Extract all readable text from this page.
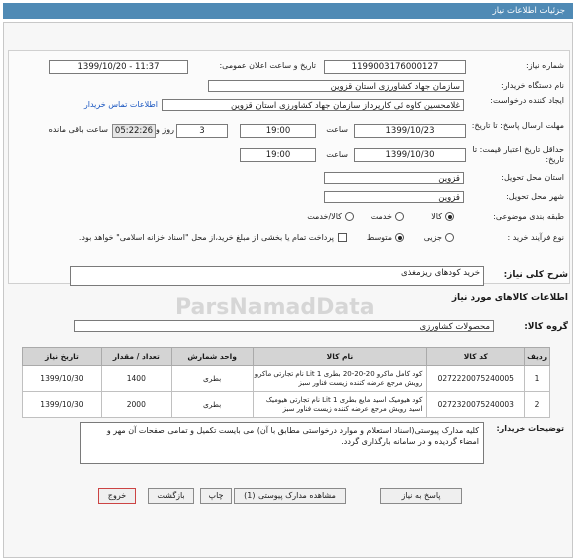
جزئیات اطلاعات نیاز
ParsNamadData
شماره نیاز:
1199003176000127
تاریخ و ساعت اعلان عمومی:
1399/10/20 - 11:37
نام دستگاه خریدار:
سازمان جهاد کشاورزی استان قزوین
ایجاد کننده درخواست:
غلامحسین کاوه ئی کارپرداز سازمان جهاد کشاورزی استان قزوین
اطلاعات تماس خریدار
مهلت ارسال پاسخ: تا تاریخ:
1399/10/23
ساعت
19:00
3
روز و
05:22:26
ساعت باقی مانده
حداقل تاریخ اعتبار قیمت: تا تاریخ:
1399/10/30
ساعت
19:00
استان محل تحویل:
قزوین
شهر محل تحویل:
قزوین
طبقه بندی موضوعی:
کالا
خدمت
کالا/خدمت
نوع فرآیند خرید :
جزیی
متوسط
پرداخت تمام یا بخشی از مبلغ خرید،از محل "اسناد خزانه اسلامی" خواهد بود.
شرح کلی نیاز:
خرید کودهای ریزمغذی
اطلاعات کالاهای مورد نیاز
گروه کالا:
محصولات کشاورزی
ردیف	کد کالا	نام کالا	واحد شمارش	تعداد / مقدار	تاریخ نیاز
1	0272220075240005	کود کامل ماکرو 20-20-20 بطری 1 Lit نام تجارتی ماکرو رویش مرجع عرضه کننده زیست فناور سبز	بطری	1400	1399/10/30
2	0272320075240003	کود هیومیک اسید مایع بطری 1 Lit نام تجارتی هیومیک اسید رویش مرجع عرضه کننده زیست فناور سبز	بطری	2000	1399/10/30
توضیحات خریدار:
کلیه مدارک پیوستی(اسناد استعلام و موارد درخواستی مطابق با آن) می بایست تکمیل و تمامی صفحات آن مهر و امضاء گردیده و در سامانه بارگذاری گردد.
پاسخ به نیاز
مشاهده مدارک پیوستی (1)
چاپ
بازگشت
خروج
